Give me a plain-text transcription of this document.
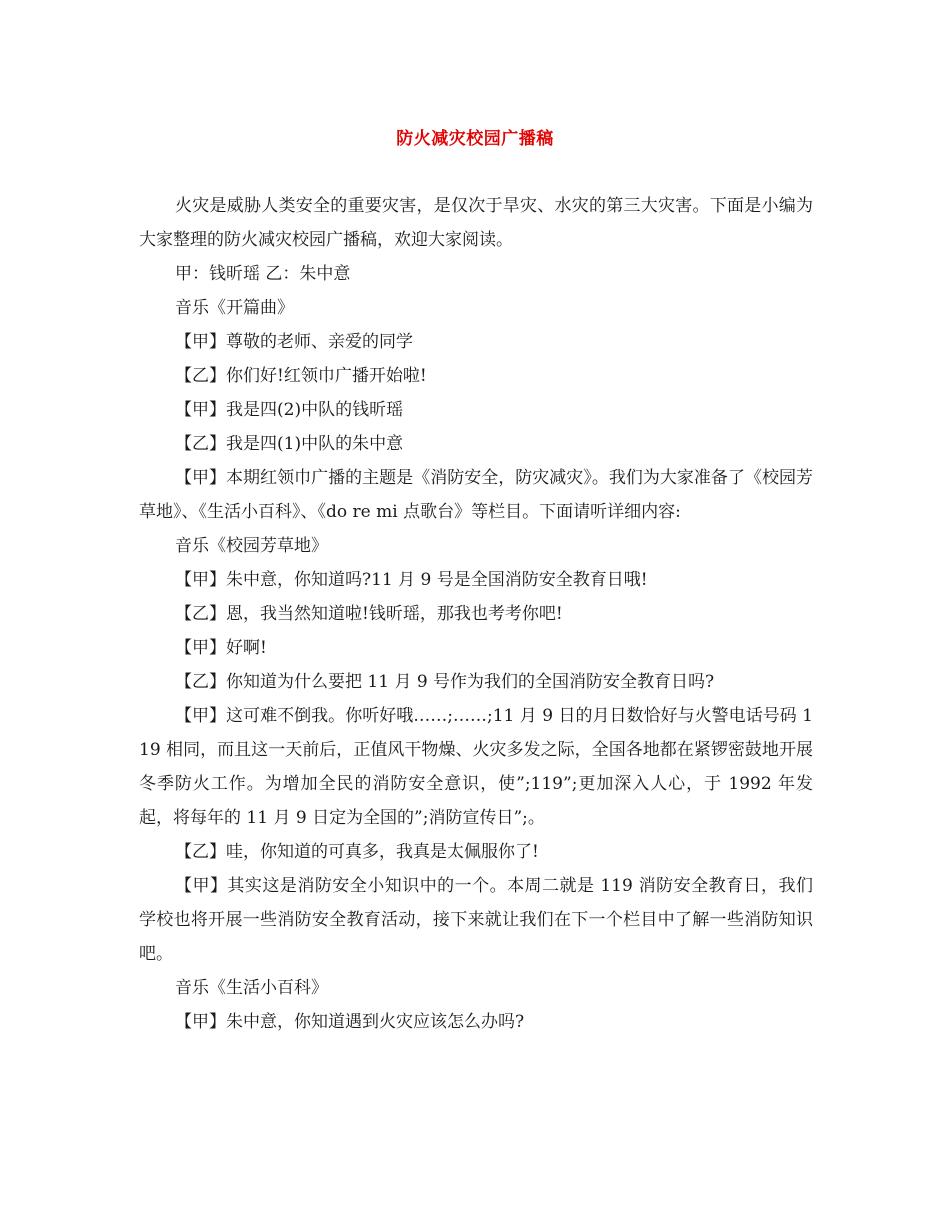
防火减灾校园广播稿

火灾是威胁人类安全的重要灾害，是仅次于旱灾、水灾的第三大灾害。下面是小编为大家整理的防火减灾校园广播稿，欢迎大家阅读。

甲：钱昕瑶 乙：朱中意

音乐《开篇曲》

【甲】尊敬的老师、亲爱的同学

【乙】你们好!红领巾广播开始啦!

【甲】我是四(2)中队的钱昕瑶

【乙】我是四(1)中队的朱中意

【甲】本期红领巾广播的主题是《消防安全，防灾减灾》。我们为大家准备了《校园芳草地》、《生活小百科》、《do re mi 点歌台》等栏目。下面请听详细内容:

音乐《校园芳草地》

【甲】朱中意，你知道吗?11 月 9 号是全国消防安全教育日哦!

【乙】恩，我当然知道啦!钱昕瑶，那我也考考你吧!

【甲】好啊!

【乙】你知道为什么要把 11 月 9 号作为我们的全国消防安全教育日吗?

【甲】这可难不倒我。你听好哦……;……;11 月 9 日的月日数恰好与火警电话号码 119 相同，而且这一天前后，正值风干物燥、火灾多发之际，全国各地都在紧锣密鼓地开展冬季防火工作。为增加全民的消防安全意识，使”;119”;更加深入人心，于 1992 年发起，将每年的 11 月 9 日定为全国的”;消防宣传日”;。

【乙】哇，你知道的可真多，我真是太佩服你了!

【甲】其实这是消防安全小知识中的一个。本周二就是 119 消防安全教育日，我们学校也将开展一些消防安全教育活动，接下来就让我们在下一个栏目中了解一些消防知识吧。

音乐《生活小百科》

【甲】朱中意，你知道遇到火灾应该怎么办吗?
